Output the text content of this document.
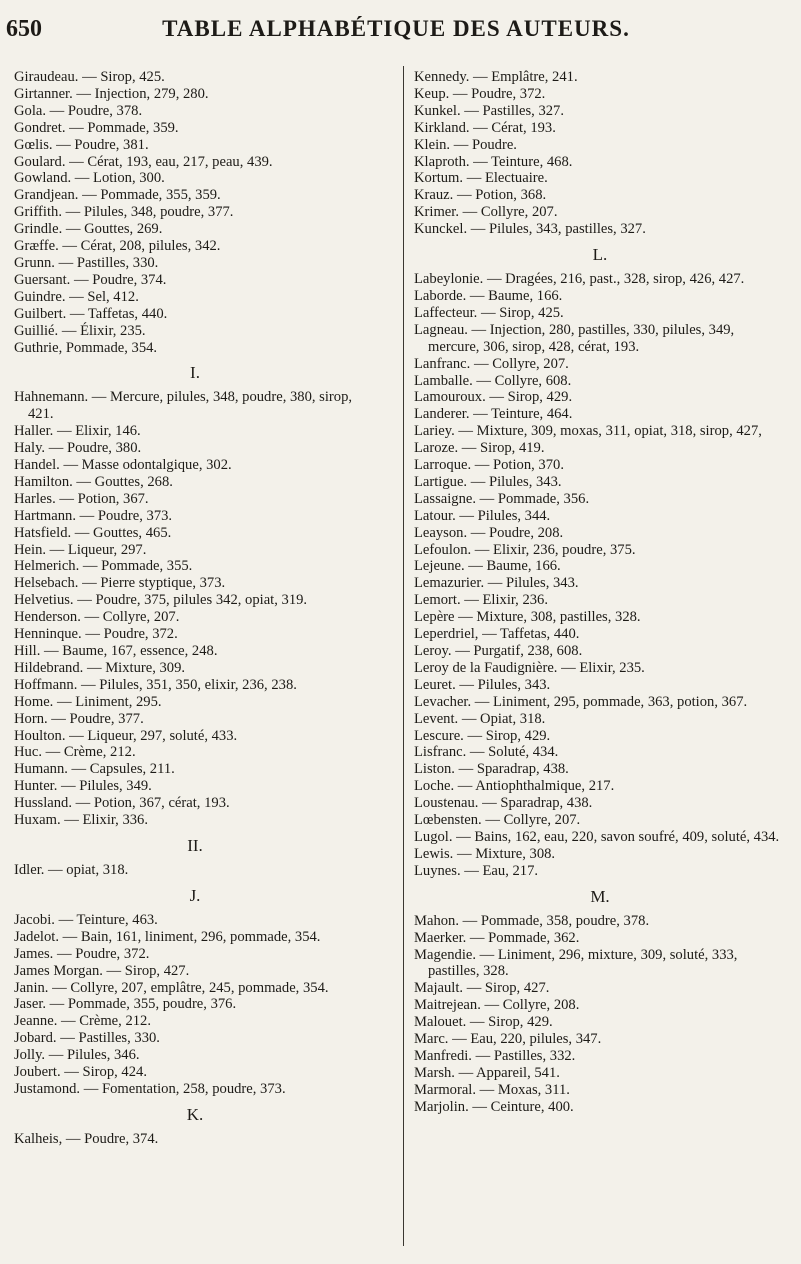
650	TABLE ALPHABÉTIQUE DES AUTEURS.
Giraudeau. — Sirop, 425.
Girtanner. — Injection, 279, 280.
Gola. — Poudre, 378.
Gondret. — Pommade, 359.
Gœlis. — Poudre, 381.
Goulard. — Cérat, 193, eau, 217, peau, 439.
Gowland. — Lotion, 300.
Grandjean. — Pommade, 355, 359.
Griffith. — Pilules, 348, poudre, 377.
Grindle. — Gouttes, 269.
Græffe. — Cérat, 208, pilules, 342.
Grunn. — Pastilles, 330.
Guersant. — Poudre, 374.
Guindre. — Sel, 412.
Guilbert. — Taffetas, 440.
Guillié. — Élixir, 235.
Guthrie, Pommade, 354.
I.
Hahnemann. — Mercure, pilules, 348, poudre, 380, sirop, 421.
Haller. — Elixir, 146.
Haly. — Poudre, 380.
Handel. — Masse odontalgique, 302.
Hamilton. — Gouttes, 268.
Harles. — Potion, 367.
Hartmann. — Poudre, 373.
Hatsfield. — Gouttes, 465.
Hein. — Liqueur, 297.
Helmerich. — Pommade, 355.
Helsebach. — Pierre styptique, 373.
Helvetius. — Poudre, 375, pilules 342, opiat, 319.
Henderson. — Collyre, 207.
Henninque. — Poudre, 372.
Hill. — Baume, 167, essence, 248.
Hildebrand. — Mixture, 309.
Hoffmann. — Pilules, 351, 350, elixir, 236, 238.
Home. — Liniment, 295.
Horn. — Poudre, 377.
Houlton. — Liqueur, 297, soluté, 433.
Huc. — Crème, 212.
Humann. — Capsules, 211.
Hunter. — Pilules, 349.
Hussland. — Potion, 367, cérat, 193.
Huxam. — Elixir, 336.
II.
Idler. — opiat, 318.
J.
Jacobi. — Teinture, 463.
Jadelot. — Bain, 161, liniment, 296, pommade, 354.
James. — Poudre, 372.
James Morgan. — Sirop, 427.
Janin. — Collyre, 207, emplâtre, 245, pommade, 354.
Jaser. — Pommade, 355, poudre, 376.
Jeanne. — Crème, 212.
Jobard. — Pastilles, 330.
Jolly. — Pilules, 346.
Joubert. — Sirop, 424.
Justamond. — Fomentation, 258, poudre, 373.
K.
Kalheis, — Poudre, 374.
Kennedy. — Emplâtre, 241.
Keup. — Poudre, 372.
Kunkel. — Pastilles, 327.
Kirkland. — Cérat, 193.
Klein. — Poudre.
Klaproth. — Teinture, 468.
Kortum. — Electuaire.
Krauz. — Potion, 368.
Krimer. — Collyre, 207.
Kunckel. — Pilules, 343, pastilles, 327.
L.
Labeylonie. — Dragées, 216, past., 328, sirop, 426, 427.
Laborde. — Baume, 166.
Laffecteur. — Sirop, 425.
Lagneau. — Injection, 280, pastilles, 330, pilules, 349, mercure, 306, sirop, 428, cérat, 193.
Lanfranc. — Collyre, 207.
Lamballe. — Collyre, 608.
Lamouroux. — Sirop, 429.
Landerer. — Teinture, 464.
Lariey. — Mixture, 309, moxas, 311, opiat, 318, sirop, 427,
Laroze. — Sirop, 419.
Larroque. — Potion, 370.
Lartigue. — Pilules, 343.
Lassaigne. — Pommade, 356.
Latour. — Pilules, 344.
Leayson. — Poudre, 208.
Lefoulon. — Elixir, 236, poudre, 375.
Lejeune. — Baume, 166.
Lemazurier. — Pilules, 343.
Lemort. — Elixir, 236.
Lepère — Mixture, 308, pastilles, 328.
Leperdriel, — Taffetas, 440.
Leroy. — Purgatif, 238, 608.
Leroy de la Faudignière. — Elixir, 235.
Leuret. — Pilules, 343.
Levacher. — Liniment, 295, pommade, 363, potion, 367.
Levent. — Opiat, 318.
Lescure. — Sirop, 429.
Lisfranc. — Soluté, 434.
Liston. — Sparadrap, 438.
Loche. — Antiophthalmique, 217.
Loustenau. — Sparadrap, 438.
Lœbensten. — Collyre, 207.
Lugol. — Bains, 162, eau, 220, savon soufré, 409, soluté, 434.
Lewis. — Mixture, 308.
Luynes. — Eau, 217.
M.
Mahon. — Pommade, 358, poudre, 378.
Maerker. — Pommade, 362.
Magendie. — Liniment, 296, mixture, 309, soluté, 333, pastilles, 328.
Majault. — Sirop, 427.
Maitrejean. — Collyre, 208.
Malouet. — Sirop, 429.
Marc. — Eau, 220, pilules, 347.
Manfredi. — Pastilles, 332.
Marsh. — Appareil, 541.
Marmoral. — Moxas, 311.
Marjolin. — Ceinture, 400.
